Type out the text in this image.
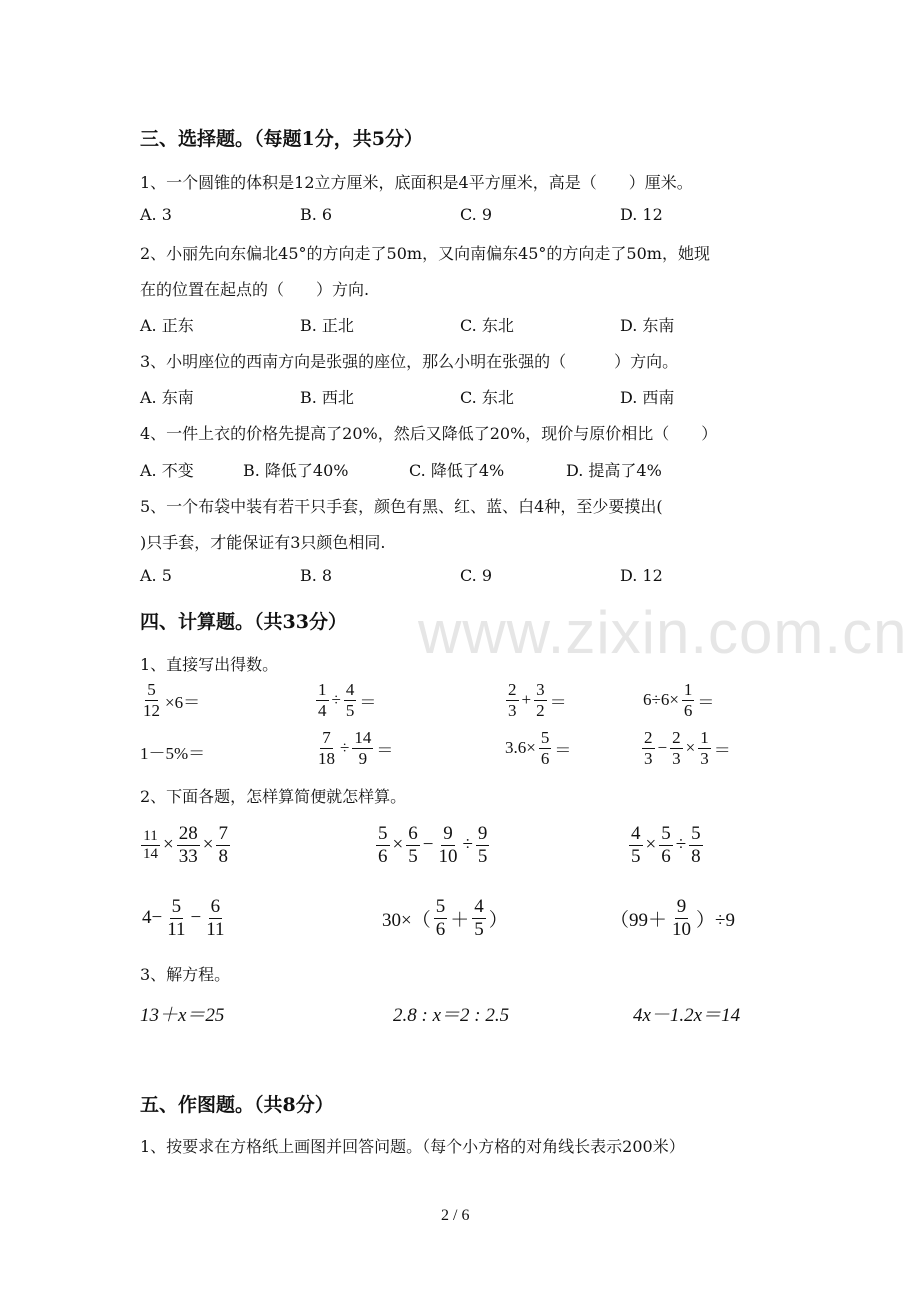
www.zixin.com.cn
三、选择题。（每题1分，共5分）
1、一个圆锥的体积是12立方厘米，底面积是4平方厘米，高是（　　）厘米。
A. 3	B. 6	C. 9	D. 12
2、小丽先向东偏北45°的方向走了50m，又向南偏东45°的方向走了50m，她现
在的位置在起点的（　　）方向.
A. 正东	B. 正北	C. 东北	D. 东南
3、小明座位的西南方向是张强的座位，那么小明在张强的（　　　）方向。
A. 东南	B. 西北	C. 东北	D. 西南
4、一件上衣的价格先提高了20%，然后又降低了20%，现价与原价相比（　　）
A. 不变	B. 降低了40%	C. 降低了4%	D. 提高了4%
5、一个布袋中装有若干只手套，颜色有黑、红、蓝、白4种，至少要摸出(
)只手套，才能保证有3只颜色相同.
A. 5	B. 8	C. 9	D. 12
四、计算题。（共33分）
1、直接写出得数。
$\frac{5}{12} \times 6=$	$\frac{1}{4} \div \frac{4}{5}$ ＝	$\frac{2}{3} + \frac{3}{2}$ ＝	$6\div 6\times \frac{1}{6}$ ＝
1－5%＝	$\frac{7}{18} \div \frac{14}{9}$ ＝	$3.6\times \frac{5}{6}$ ＝	$\frac{2}{3} - \frac{2}{3} \times \frac{1}{3}$ ＝
2、下面各题，怎样算简便就怎样算。
$\frac{11}{14} \times \frac{28}{33} \times \frac{7}{8}$	$\frac{5}{6} \times \frac{6}{5} - \frac{9}{10} \div \frac{9}{5}$	$\frac{4}{5} \times \frac{5}{6} \div \frac{5}{8}$
$4- \frac{5}{11} - \frac{6}{11}$	$30\times( \frac{5}{6} + \frac{4}{5}$ ）	$(99+ \frac{9}{10} )\div 9$
3、解方程。
13＋x＝25	2.8 : x＝2 : 2.5	4x－1.2x＝14
五、作图题。（共8分）
1、按要求在方格纸上画图并回答问题。（每个小方格的对角线长表示200米）
2 / 6
